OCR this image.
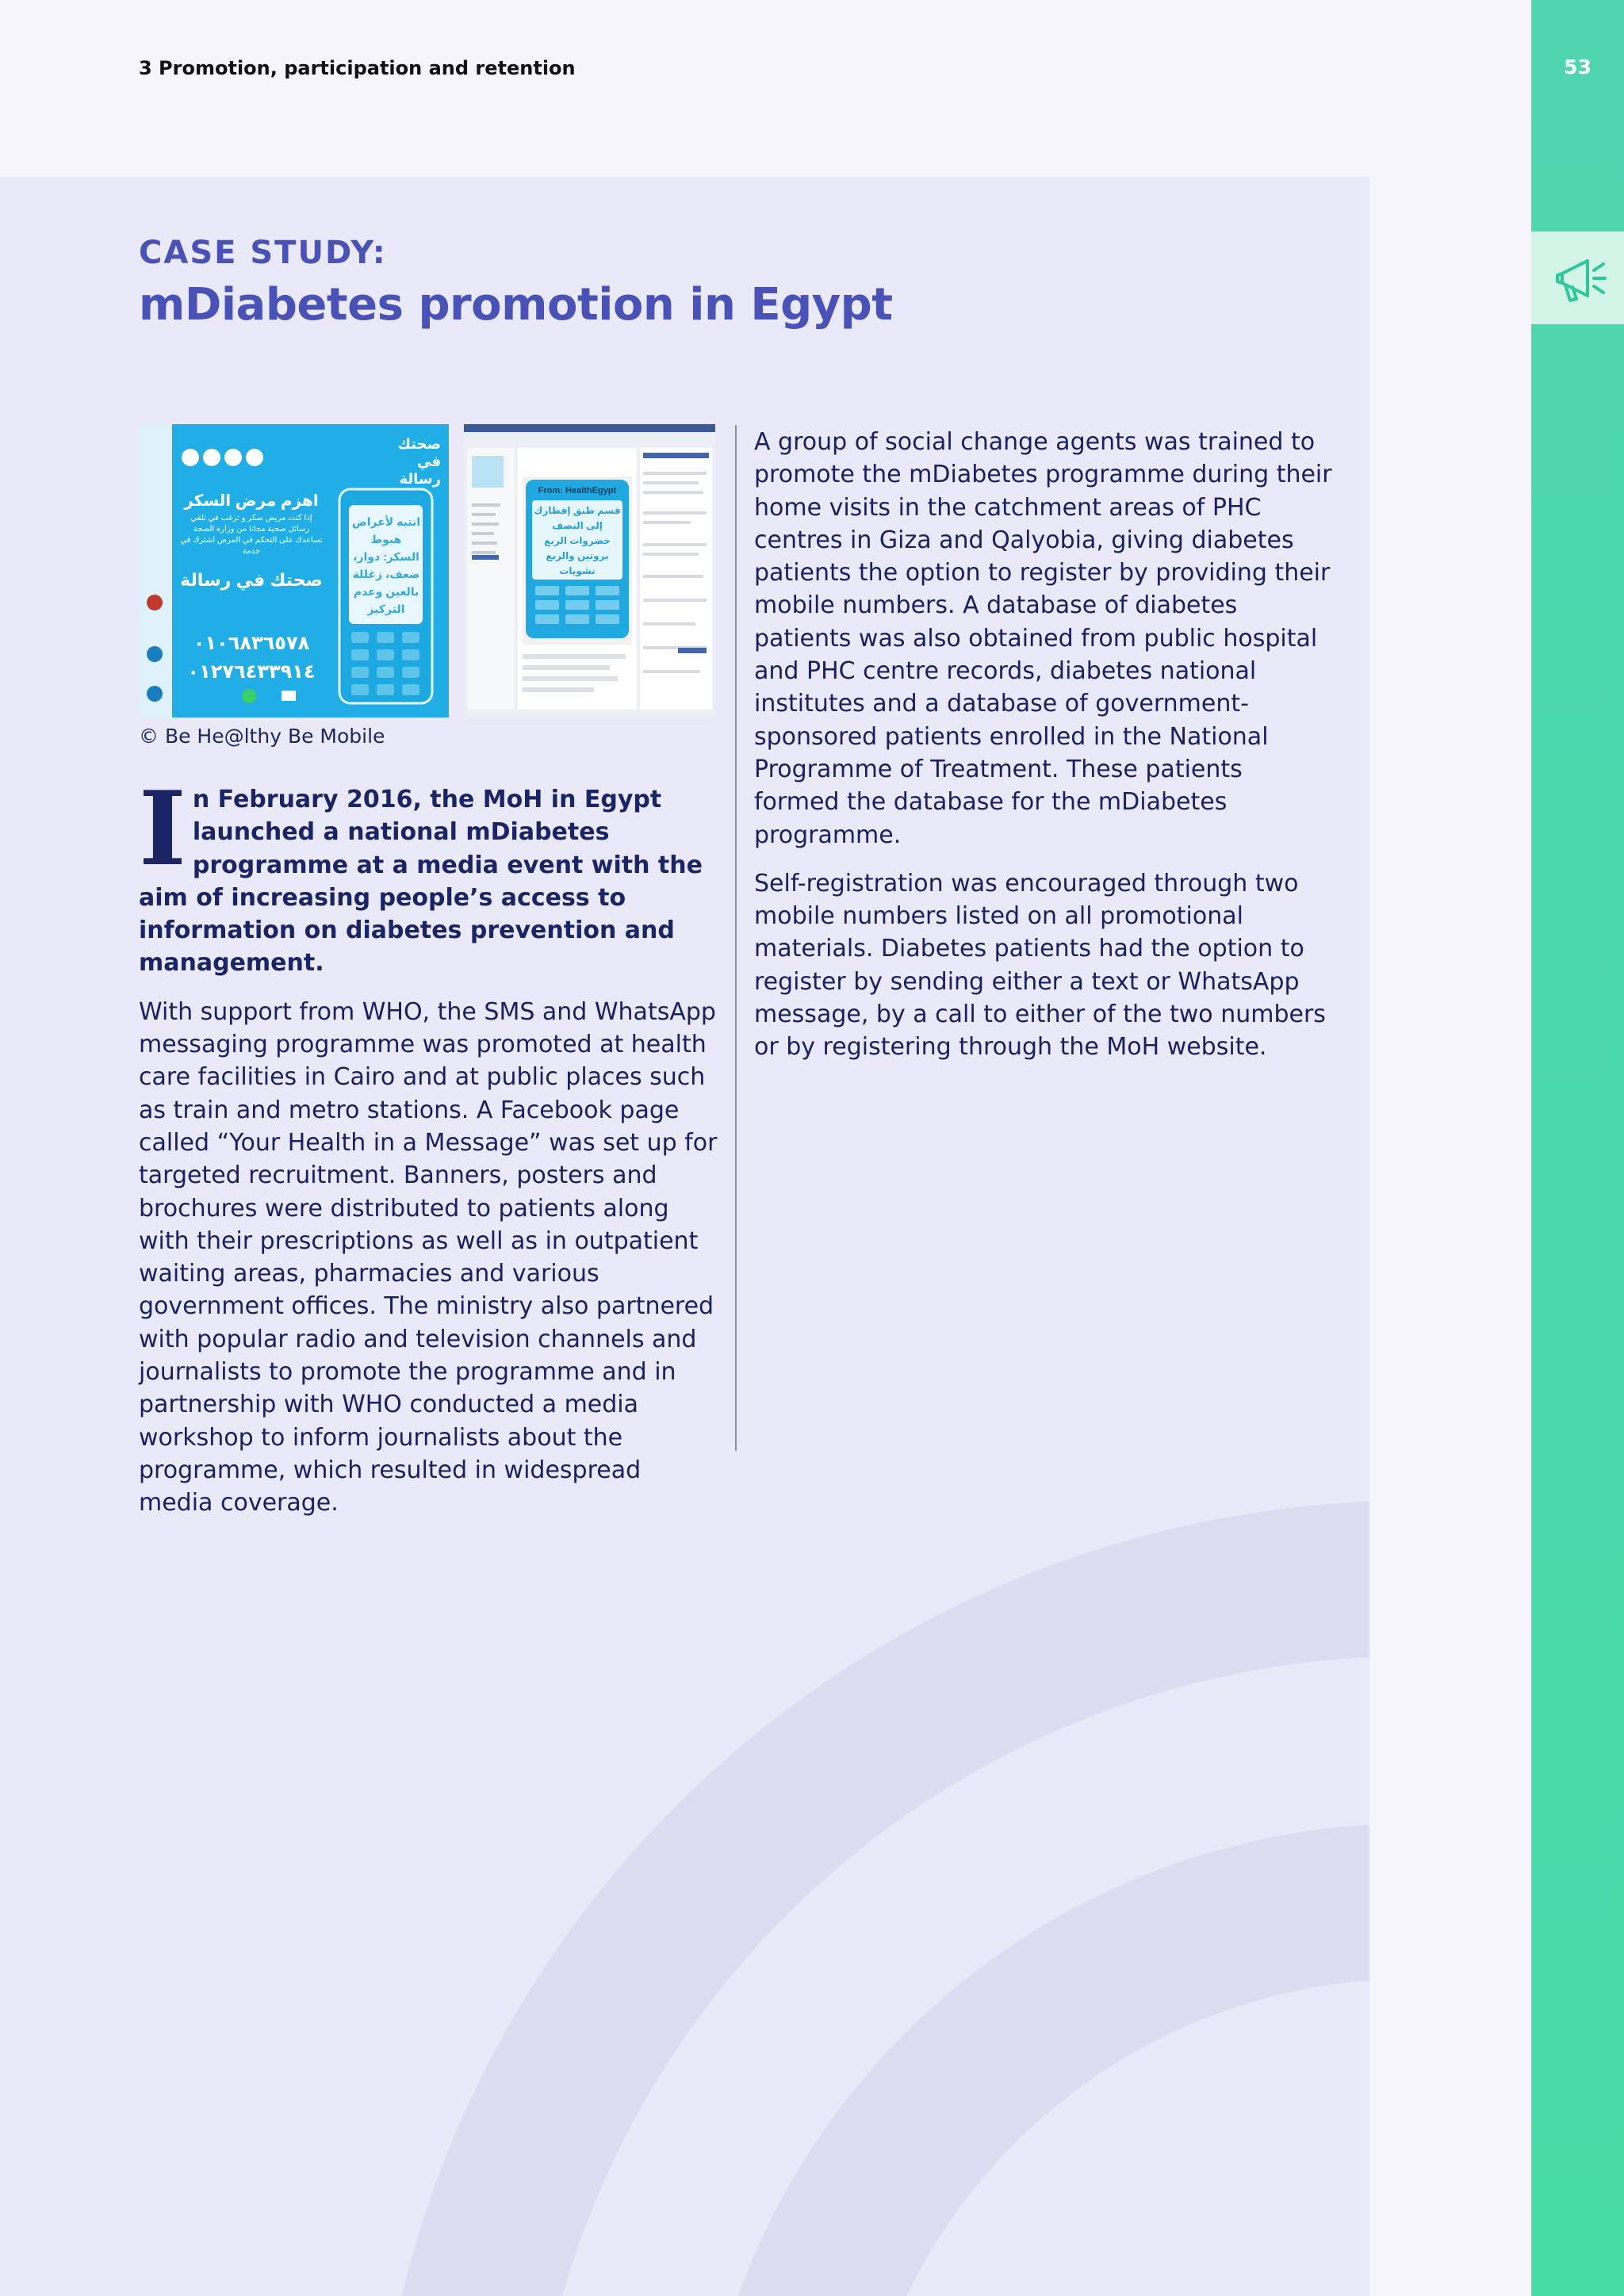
53
3 Promotion, participation and retention
CASE STUDY:
mDiabetes promotion in Egypt
صحتك في رسالة
اهزم مرض السكر
إذا كنت مريض سكر و ترغب في تلقي رسائل صحية مجانا من وزارة الصحة تساعدك على التحكم في المرض اشترك في خدمة
صحتك في رسالة
انتبه لأعراض هبوط السكر: دوار، ضعف، زغللة بالعين وعدم التركيز
٠١٠٦٨٣٦٥٧٨
٠١٢٧٦٤٣٣٩١٤
From: HealthEgypt
قسم طبق إفطارك إلى النصف خضروات الربع بروتين والربع نشويات
© Be He@lthy Be Mobile

In February 2016, the MoH in Egypt launched a national mDiabetes programme at a media event with the aim of increasing people’s access to information on diabetes prevention and management.

With support from WHO, the SMS and WhatsApp messaging programme was promoted at health care facilities in Cairo and at public places such as train and metro stations. A Facebook page called “Your Health in a Message” was set up for targeted recruitment. Banners, posters and brochures were distributed to patients along with their prescriptions as well as in outpatient waiting areas, pharmacies and various government offices. The ministry also partnered with popular radio and television channels and journalists to promote the programme and in partnership with WHO conducted a media workshop to inform journalists about the programme, which resulted in widespread media coverage.

A group of social change agents was trained to promote the mDiabetes programme during their home visits in the catchment areas of PHC centres in Giza and Qalyobia, giving diabetes patients the option to register by providing their mobile numbers. A database of diabetes patients was also obtained from public hospital and PHC centre records, diabetes national institutes and a database of government-sponsored patients enrolled in the National Programme of Treatment. These patients formed the database for the mDiabetes programme.

Self-registration was encouraged through two mobile numbers listed on all promotional materials. Diabetes patients had the option to register by sending either a text or WhatsApp message, by a call to either of the two numbers or by registering through the MoH website.
